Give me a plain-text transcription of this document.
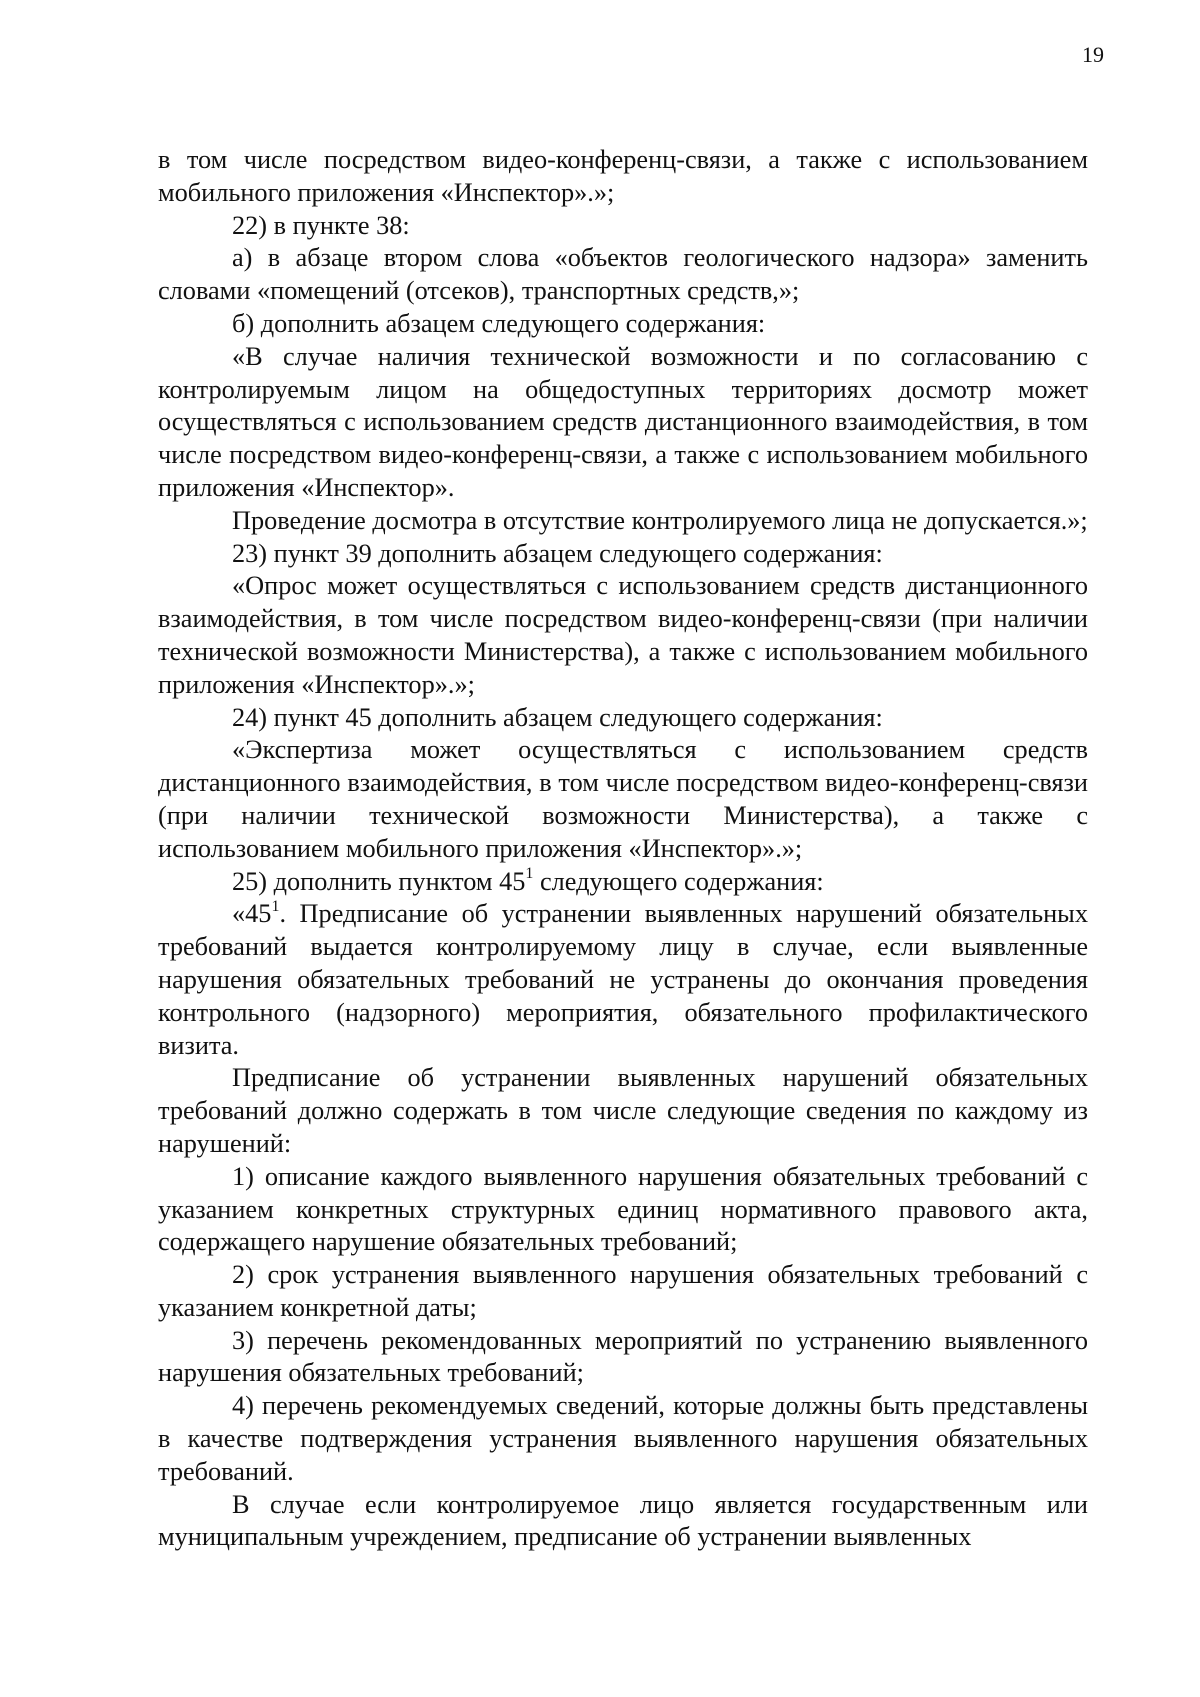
19

в том числе посредством видео-конференц-связи, а также с использованием мобильного приложения «Инспектор».»;

22) в пункте 38:

а) в абзаце втором слова «объектов геологического надзора» заменить словами «помещений (отсеков), транспортных средств,»;

б) дополнить абзацем следующего содержания:

«В случае наличия технической возможности и по согласованию с контролируемым лицом на общедоступных территориях досмотр может осуществляться с использованием средств дистанционного взаимодействия, в том числе посредством видео-конференц-связи, а также с использованием мобильного приложения «Инспектор».

Проведение досмотра в отсутствие контролируемого лица не допускается.»;

23) пункт 39 дополнить абзацем следующего содержания:

«Опрос может осуществляться с использованием средств дистанционного взаимодействия, в том числе посредством видео-конференц-связи (при наличии технической возможности Министерства), а также с использованием мобильного приложения «Инспектор».»;

24) пункт 45 дополнить абзацем следующего содержания:

«Экспертиза может осуществляться с использованием средств дистанционного взаимодействия, в том числе посредством видео-конференц-связи (при наличии технической возможности Министерства), а также с использованием мобильного приложения «Инспектор».»;

25) дополнить пунктом $45^1$ следующего содержания:

«$45^1$. Предписание об устранении выявленных нарушений обязательных требований выдается контролируемому лицу в случае, если выявленные нарушения обязательных требований не устранены до окончания проведения контрольного (надзорного) мероприятия, обязательного профилактического визита.

Предписание об устранении выявленных нарушений обязательных требований должно содержать в том числе следующие сведения по каждому из нарушений:

1) описание каждого выявленного нарушения обязательных требований с указанием конкретных структурных единиц нормативного правового акта, содержащего нарушение обязательных требований;

2) срок устранения выявленного нарушения обязательных требований с указанием конкретной даты;

3) перечень рекомендованных мероприятий по устранению выявленного нарушения обязательных требований;

4) перечень рекомендуемых сведений, которые должны быть представлены в качестве подтверждения устранения выявленного нарушения обязательных требований.

В случае если контролируемое лицо является государственным или муниципальным учреждением, предписание об устранении выявленных
